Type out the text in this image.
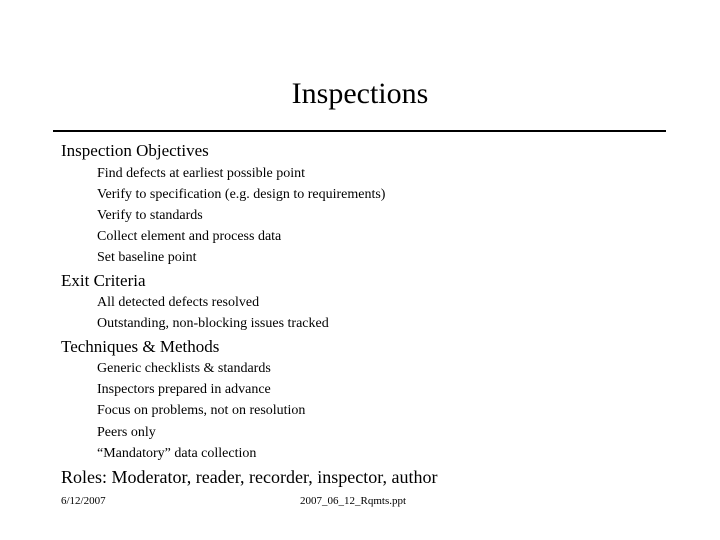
Inspections
Inspection Objectives
Find defects at earliest possible point
Verify to specification (e.g. design to requirements)
Verify to standards
Collect element and process data
Set baseline point
Exit Criteria
All detected defects resolved
Outstanding, non-blocking issues tracked
Techniques & Methods
Generic checklists & standards
Inspectors prepared in advance
Focus on problems, not on resolution
Peers only
“Mandatory” data collection
Roles: Moderator, reader, recorder, inspector, author
6/12/2007	2007_06_12_Rqmts.ppt
